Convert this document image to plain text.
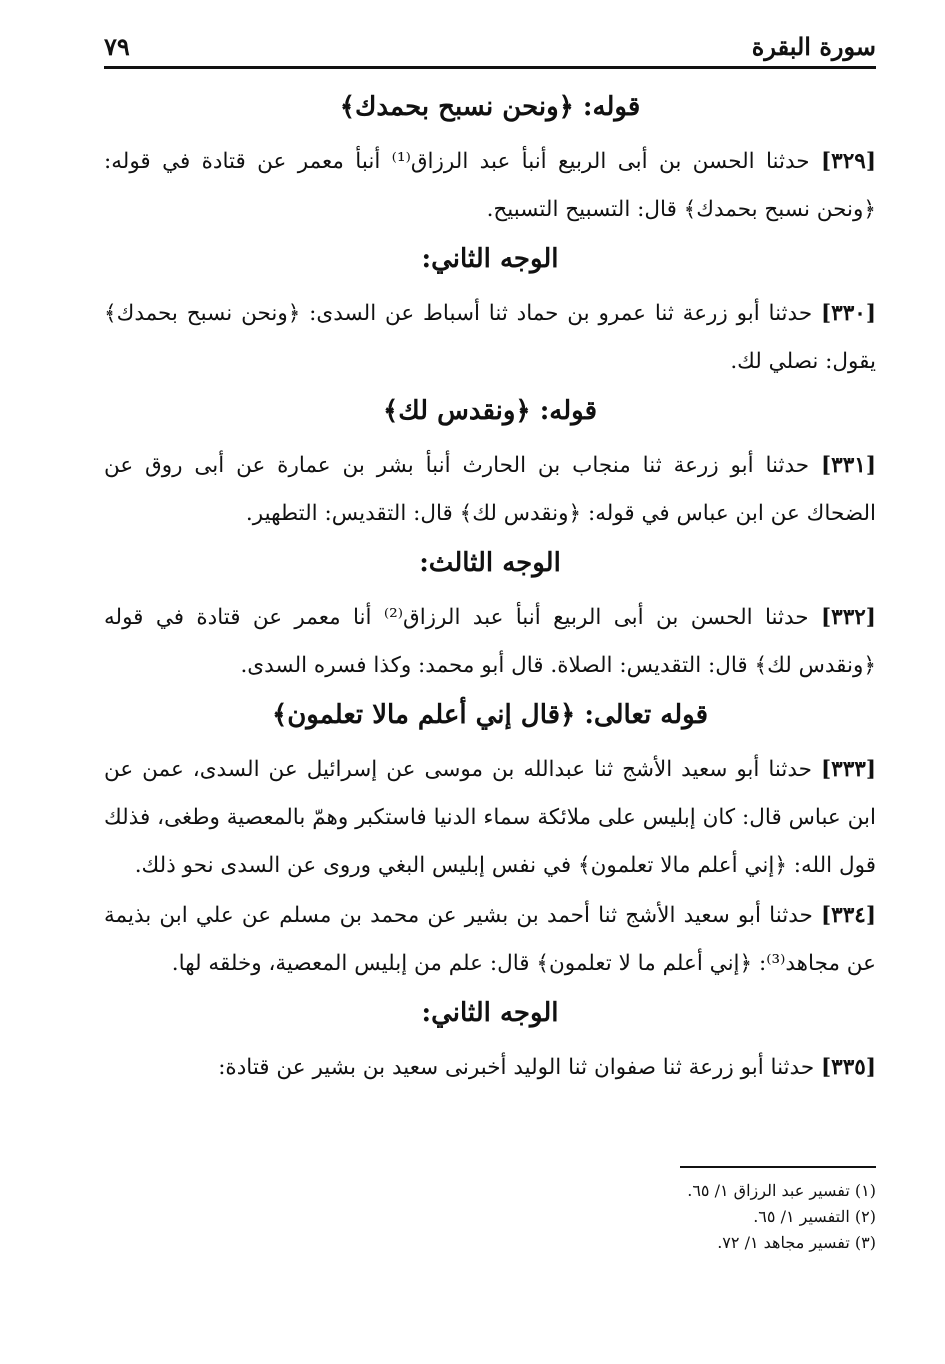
سورة البقرة
٧٩
قوله: ﴿ونحن نسبح بحمدك﴾
[٣٢٩] حدثنا الحسن بن أبى الربيع أنبأ عبد الرزاق⁽¹⁾ أنبأ معمر عن قتادة في قوله: ﴿ونحن نسبح بحمدك﴾ قال: التسبيح التسبيح.
الوجه الثاني:
[٣٣٠] حدثنا أبو زرعة ثنا عمرو بن حماد ثنا أسباط عن السدى: ﴿ونحن نسبح بحمدك﴾ يقول: نصلي لك.
قوله: ﴿ونقدس لك﴾
[٣٣١] حدثنا أبو زرعة ثنا منجاب بن الحارث أنبأ بشر بن عمارة عن أبى روق عن الضحاك عن ابن عباس في قوله: ﴿ونقدس لك﴾ قال: التقديس: التطهير.
الوجه الثالث:
[٣٣٢] حدثنا الحسن بن أبى الربيع أنبأ عبد الرزاق⁽²⁾ أنا معمر عن قتادة في قوله ﴿ونقدس لك﴾ قال: التقديس: الصلاة. قال أبو محمد: وكذا فسره السدى.
قوله تعالى: ﴿قال إني أعلم مالا تعلمون﴾
[٣٣٣] حدثنا أبو سعيد الأشج ثنا عبدالله بن موسى عن إسرائيل عن السدى، عمن عن ابن عباس قال: كان إبليس على ملائكة سماء الدنيا فاستكبر وهمّ بالمعصية وطغى، فذلك قول الله: ﴿إني أعلم مالا تعلمون﴾ في نفس إبليس البغي وروى عن السدى نحو ذلك.
[٣٣٤] حدثنا أبو سعيد الأشج ثنا أحمد بن بشير عن محمد بن مسلم عن علي ابن بذيمة عن مجاهد⁽³⁾: ﴿إني أعلم ما لا تعلمون﴾ قال: علم من إبليس المعصية، وخلقه لها.
الوجه الثاني:
[٣٣٥] حدثنا أبو زرعة ثنا صفوان ثنا الوليد أخبرنى سعيد بن بشير عن قتادة:
(١) تفسير عبد الرزاق ١/ ٦٥.
(٢) التفسير ١/ ٦٥.
(٣) تفسير مجاهد ١/ ٧٢.
